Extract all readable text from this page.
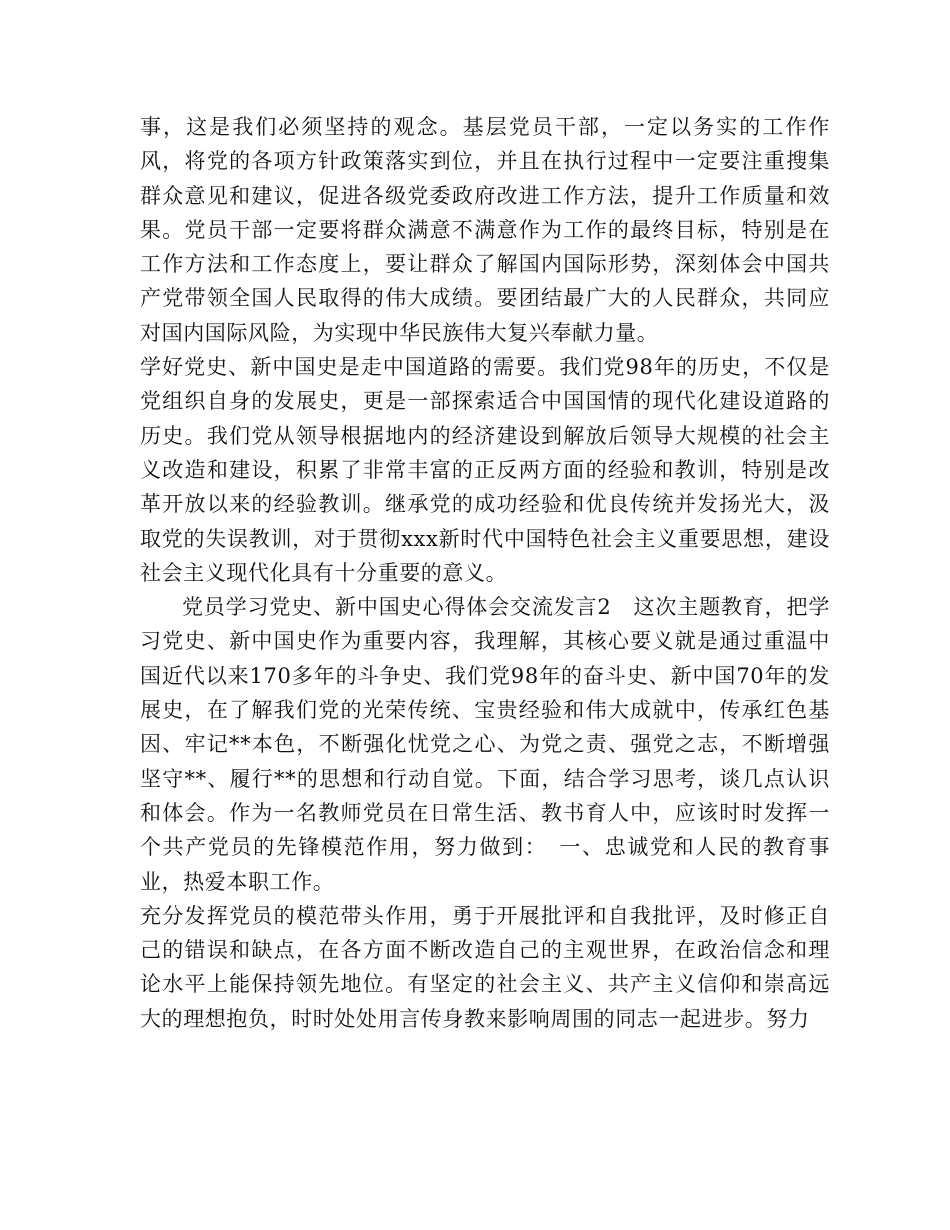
事，这是我们必须坚持的观念。基层党员干部，一定以务实的工作作风，将党的各项方针政策落实到位，并且在执行过程中一定要注重搜集群众意见和建议，促进各级党委政府改进工作方法，提升工作质量和效果。党员干部一定要将群众满意不满意作为工作的最终目标，特别是在工作方法和工作态度上，要让群众了解国内国际形势，深刻体会中国共产党带领全国人民取得的伟大成绩。要团结最广大的人民群众，共同应对国内国际风险，为实现中华民族伟大复兴奉献力量。

学好党史、新中国史是走中国道路的需要。我们党98年的历史，不仅是党组织自身的发展史，更是一部探索适合中国国情的现代化建设道路的历史。我们党从领导根据地内的经济建设到解放后领导大规模的社会主义改造和建设，积累了非常丰富的正反两方面的经验和教训，特别是改革开放以来的经验教训。继承党的成功经验和优良传统并发扬光大，汲取党的失误教训，对于贯彻xxx新时代中国特色社会主义重要思想，建设社会主义现代化具有十分重要的意义。

党员学习党史、新中国史心得体会交流发言2　这次主题教育，把学习党史、新中国史作为重要内容，我理解，其核心要义就是通过重温中国近代以来170多年的斗争史、我们党98年的奋斗史、新中国70年的发展史，在了解我们党的光荣传统、宝贵经验和伟大成就中，传承红色基因、牢记**本色，不断强化忧党之心、为党之责、强党之志，不断增强坚守**、履行**的思想和行动自觉。下面，结合学习思考，谈几点认识和体会。作为一名教师党员在日常生活、教书育人中，应该时时发挥一个共产党员的先锋模范作用，努力做到：　一、忠诚党和人民的教育事业，热爱本职工作。

充分发挥党员的模范带头作用，勇于开展批评和自我批评，及时修正自己的错误和缺点，在各方面不断改造自己的主观世界，在政治信念和理论水平上能保持领先地位。有坚定的社会主义、共产主义信仰和崇高远大的理想抱负，时时处处用言传身教来影响周围的同志一起进步。努力
